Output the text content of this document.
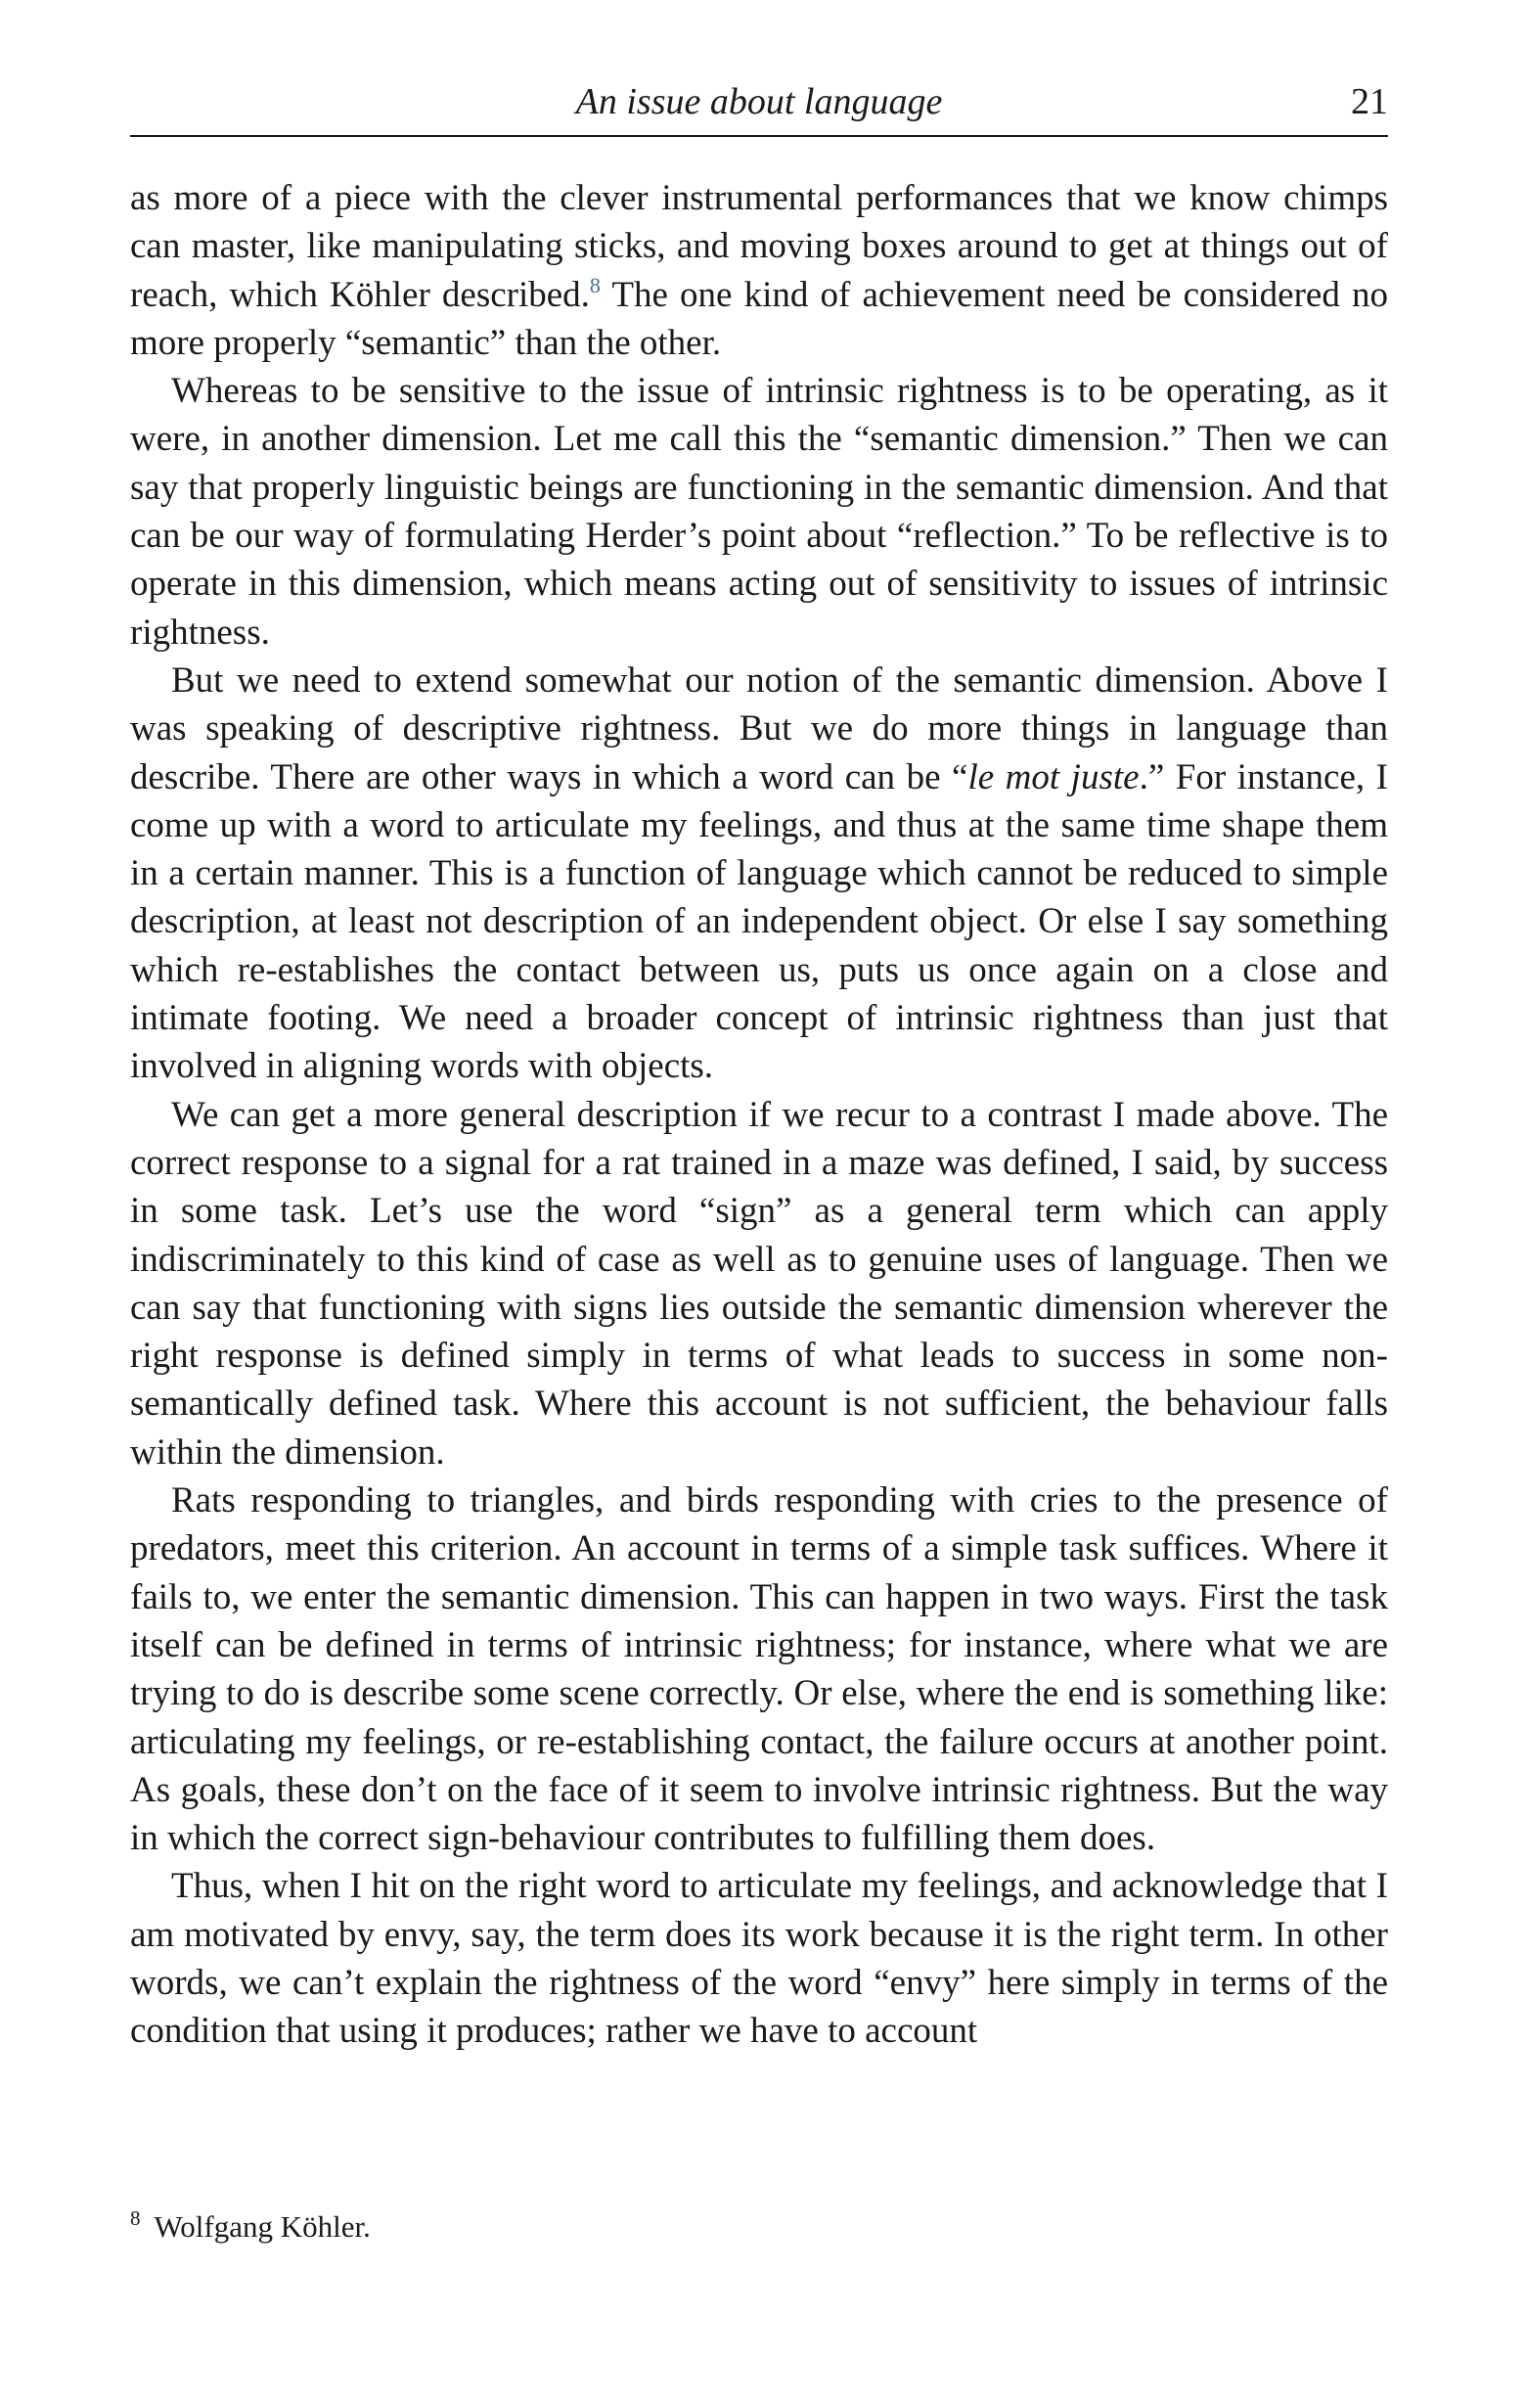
An issue about language	21

as more of a piece with the clever instrumental performances that we know chimps can master, like manipulating sticks, and moving boxes around to get at things out of reach, which Köhler described.$^8$ The one kind of achievement need be considered no more properly “semantic” than the other.

Whereas to be sensitive to the issue of intrinsic rightness is to be operating, as it were, in another dimension. Let me call this the “semantic dimension.” Then we can say that properly linguistic beings are functioning in the semantic dimension. And that can be our way of formulating Herder’s point about “reflection.” To be reflective is to operate in this dimension, which means acting out of sensitivity to issues of intrinsic rightness.

But we need to extend somewhat our notion of the semantic dimension. Above I was speaking of descriptive rightness. But we do more things in language than describe. There are other ways in which a word can be “le mot juste.” For instance, I come up with a word to articulate my feelings, and thus at the same time shape them in a certain manner. This is a function of language which cannot be reduced to simple description, at least not description of an independent object. Or else I say something which re-establishes the contact between us, puts us once again on a close and intimate footing. We need a broader concept of intrinsic rightness than just that involved in aligning words with objects.

We can get a more general description if we recur to a contrast I made above. The correct response to a signal for a rat trained in a maze was defined, I said, by success in some task. Let’s use the word “sign” as a general term which can apply indiscriminately to this kind of case as well as to genuine uses of language. Then we can say that functioning with signs lies outside the semantic dimension wherever the right response is defined simply in terms of what leads to success in some non-semantically defined task. Where this account is not sufficient, the behaviour falls within the dimension.

Rats responding to triangles, and birds responding with cries to the presence of predators, meet this criterion. An account in terms of a simple task suffices. Where it fails to, we enter the semantic dimension. This can happen in two ways. First the task itself can be defined in terms of intrinsic rightness; for instance, where what we are trying to do is describe some scene correctly. Or else, where the end is something like: articulating my feelings, or re-establishing contact, the failure occurs at another point. As goals, these don’t on the face of it seem to involve intrinsic rightness. But the way in which the correct sign-behaviour contributes to fulfilling them does.

Thus, when I hit on the right word to articulate my feelings, and acknowledge that I am motivated by envy, say, the term does its work because it is the right term. In other words, we can’t explain the rightness of the word “envy” here simply in terms of the condition that using it produces; rather we have to account

$^8$ Wolfgang Köhler.
